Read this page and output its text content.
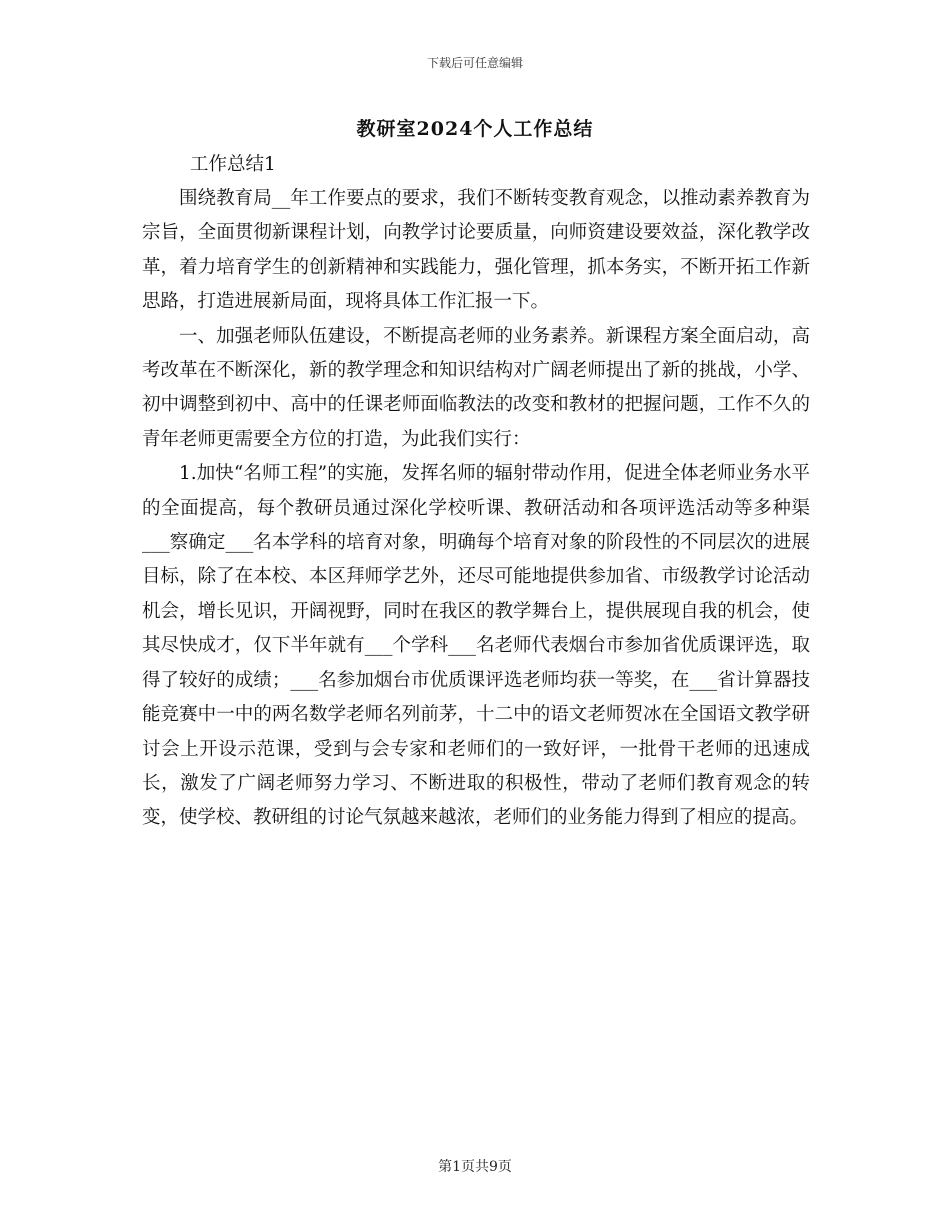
下载后可任意编辑
教研室2024个人工作总结
工作总结1

围绕教育局__年工作要点的要求，我们不断转变教育观念，以推动素养教育为宗旨，全面贯彻新课程计划，向教学讨论要质量，向师资建设要效益，深化教学改革，着力培育学生的创新精神和实践能力，强化管理，抓本务实，不断开拓工作新思路，打造进展新局面，现将具体工作汇报一下。

一、加强老师队伍建设，不断提高老师的业务素养。新课程方案全面启动，高考改革在不断深化，新的教学理念和知识结构对广阔老师提出了新的挑战，小学、初中调整到初中、高中的任课老师面临教法的改变和教材的把握问题，工作不久的青年老师更需要全方位的打造，为此我们实行：

1.加快“名师工程”的实施，发挥名师的辐射带动作用，促进全体老师业务水平的全面提高，每个教研员通过深化学校听课、教研活动和各项评选活动等多种渠___察确定___名本学科的培育对象，明确每个培育对象的阶段性的不同层次的进展目标，除了在本校、本区拜师学艺外，还尽可能地提供参加省、市级教学讨论活动机会，增长见识，开阔视野，同时在我区的教学舞台上，提供展现自我的机会，使其尽快成才，仅下半年就有___个学科___名老师代表烟台市参加省优质课评选，取得了较好的成绩；___名参加烟台市优质课评选老师均获一等奖，在___省计算器技能竞赛中一中的两名数学老师名列前茅，十二中的语文老师贺冰在全国语文教学研讨会上开设示范课，受到与会专家和老师们的一致好评，一批骨干老师的迅速成长，激发了广阔老师努力学习、不断进取的积极性，带动了老师们教育观念的转变，使学校、教研组的讨论气氛越来越浓，老师们的业务能力得到了相应的提高。

第1页共9页
